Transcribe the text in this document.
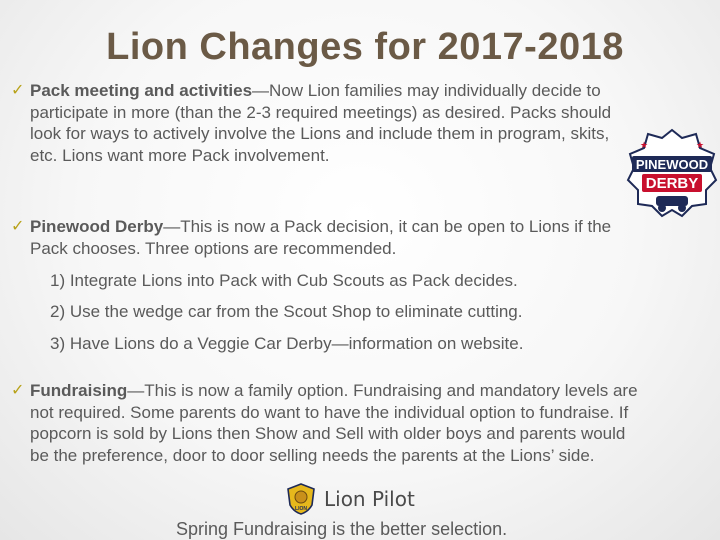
Lion Changes for 2017-2018
✓ Pack meeting and activities—Now Lion families may individually decide to participate in more (than the 2-3 required meetings) as desired. Packs should look for ways to actively involve the Lions and include them in program, skits, etc. Lions want more Pack involvement.
✓ Pinewood Derby—This is now a Pack decision, it can be open to Lions if the Pack chooses. Three options are recommended.
1) Integrate Lions into Pack with Cub Scouts as Pack decides.
2) Use the wedge car from the Scout Shop to eliminate cutting.
3) Have Lions do a Veggie Car Derby—information on website.
✓ Fundraising—This is now a family option. Fundraising and mandatory levels are not required. Some parents do want to have the individual option to fundraise. If popcorn is sold by Lions then Show and Sell with older boys and parents would be the preference, door to door selling needs the parents at the Lions’ side.
PINEWOOD
DERBY
★	★
LION Lion Pilot
Spring Fundraising is the better selection.
